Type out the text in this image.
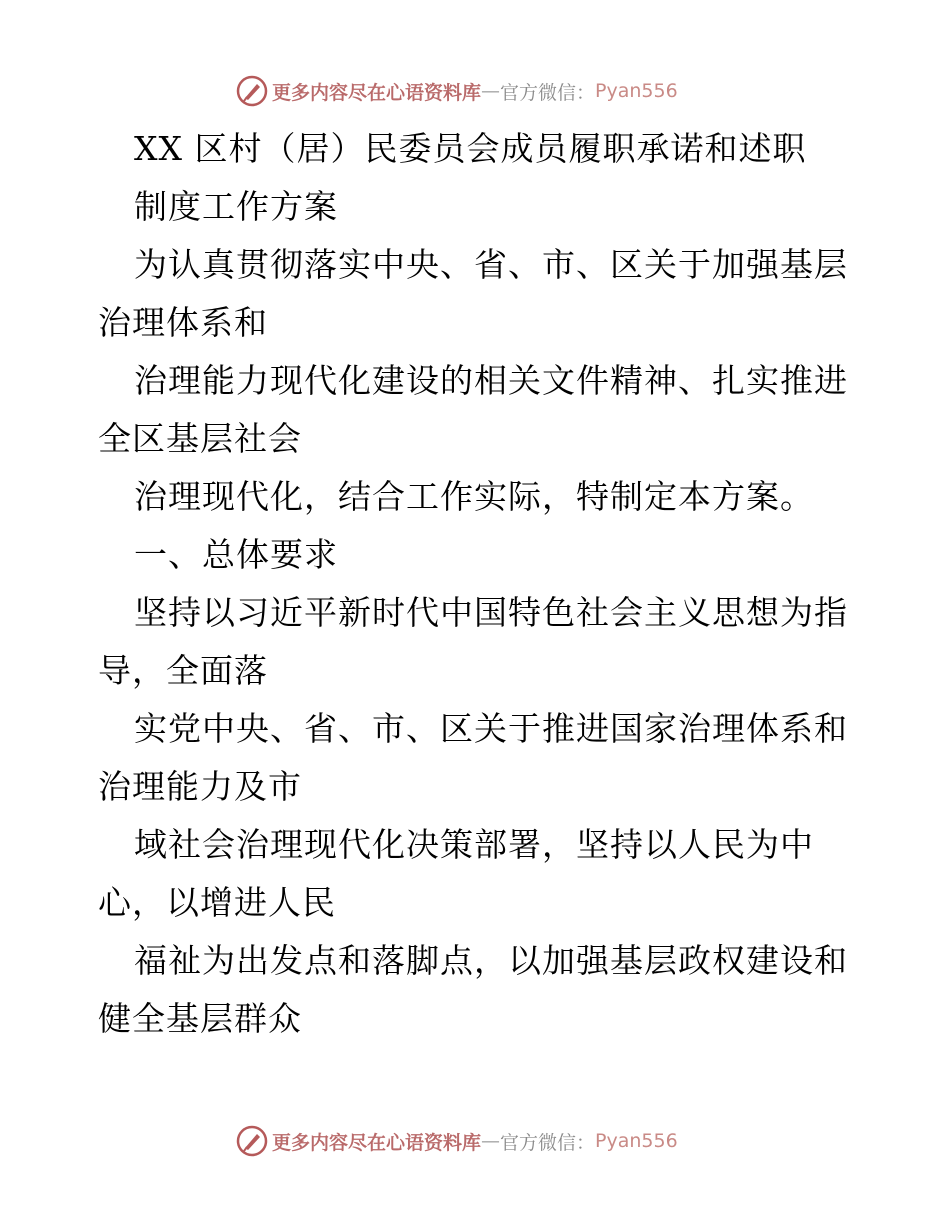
更多内容尽在心语资料库 — 官方微信： Pyan556
XX 区村（居）民委员会成员履职承诺和述职
制度工作方案
为认真贯彻落实中央、省、市、区关于加强基层
治理体系和
治理能力现代化建设的相关文件精神、扎实推进
全区基层社会
治理现代化，结合工作实际，特制定本方案。
一、总体要求
坚持以习近平新时代中国特色社会主义思想为指
导，全面落
实党中央、省、市、区关于推进国家治理体系和
治理能力及市
域社会治理现代化决策部署，坚持以人民为中
心，以增进人民
福祉为出发点和落脚点，以加强基层政权建设和
健全基层群众
更多内容尽在心语资料库 — 官方微信： Pyan556
